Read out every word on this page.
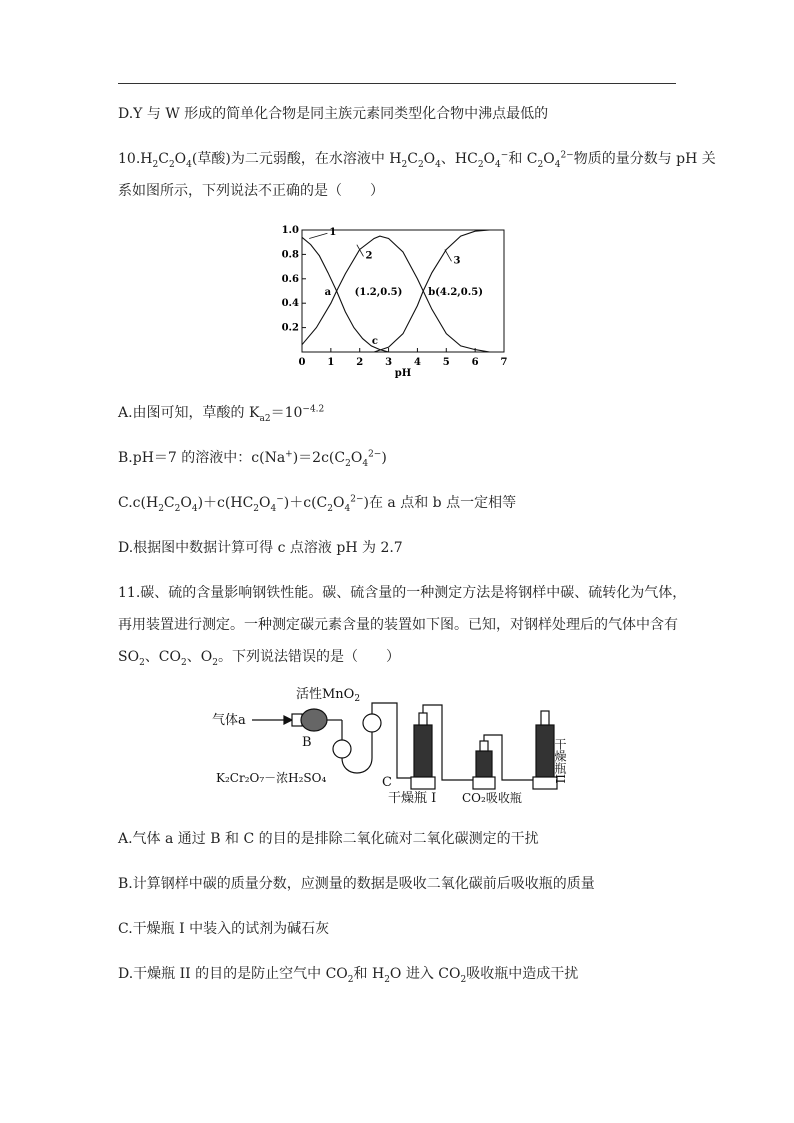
D.Y 与 W 形成的简单化合物是同主族元素同类型化合物中沸点最低的
$10.H_2C_2O_4$(草酸)为二元弱酸，在水溶液中 $H_2C_2O_4$、$HC_2O_4^-$和 $C_2O_4^{2-}$物质的量分数与 pH 关
系如图所示，下列说法不正确的是（　　）
0 1 2 3 4 5 6 7
0.2
0.4
0.6
0.8
1.0
pH
1
2	3
a (1.2,0.5)	b(4.2,0.5)
c
A.由图可知，草酸的 $K_{a2}=10^{-4.2}$
B.pH＝7 的溶液中：$c(Na^+)=2c(C_2O_4^{2-})$
$C.c(H_2C_2O_4)+c(HC_2O_4^-)+c(C_2O_4^{2-})$在 a 点和 b 点一定相等
D.根据图中数据计算可得 c 点溶液 pH 为 2.7
11.碳、硫的含量影响钢铁性能。碳、硫含量的一种测定方法是将钢样中碳、硫转化为气体，
再用装置进行测定。一种测定碳元素含量的装置如下图。已知，对钢样处理后的气体中含有
$SO_2$、$CO_2$、$O_2$。下列说法错误的是（　　）
气体a
活性MnO$_2$
B
C
K₂Cr₂O₇－浓H₂SO₄
干燥瓶 I CO₂吸收瓶
干燥瓶II
A.气体 a 通过 B 和 C 的目的是排除二氧化硫对二氧化碳测定的干扰
B.计算钢样中碳的质量分数，应测量的数据是吸收二氧化碳前后吸收瓶的质量
C.干燥瓶 I 中装入的试剂为碱石灰
D.干燥瓶 II 的目的是防止空气中 $CO_2$和 $H_2O$ 进入 $CO_2$吸收瓶中造成干扰
